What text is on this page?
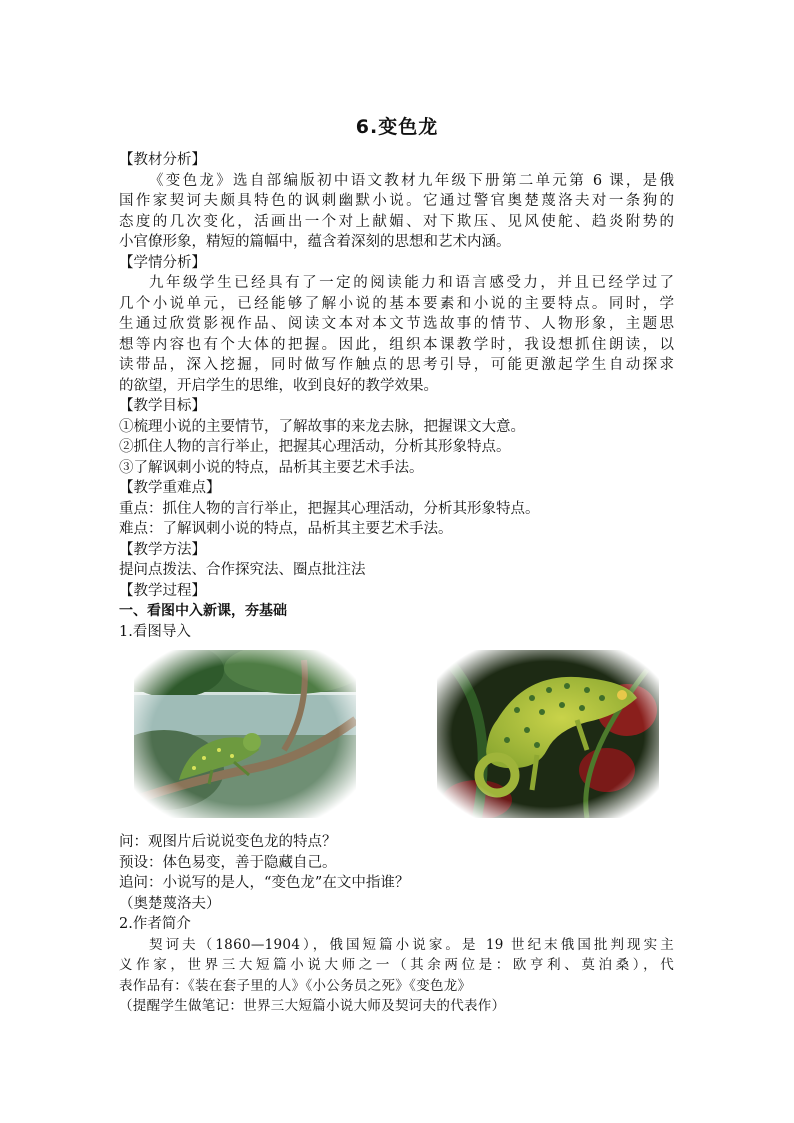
6.变色龙
【教材分析】
《变色龙》选自部编版初中语文教材九年级下册第二单元第 6 课，是俄
国作家契诃夫颇具特色的讽刺幽默小说。它通过警官奥楚蔑洛夫对一条狗的
态度的几次变化，活画出一个对上献媚、对下欺压、见风使舵、趋炎附势的
小官僚形象，精短的篇幅中，蕴含着深刻的思想和艺术内涵。
【学情分析】
九年级学生已经具有了一定的阅读能力和语言感受力，并且已经学过了
几个小说单元，已经能够了解小说的基本要素和小说的主要特点。同时，学
生通过欣赏影视作品、阅读文本对本文节选故事的情节、人物形象，主题思
想等内容也有个大体的把握。因此，组织本课教学时，我设想抓住朗读，以
读带品，深入挖掘，同时做写作触点的思考引导，可能更激起学生自动探求
的欲望，开启学生的思维，收到良好的教学效果。
【教学目标】
①梳理小说的主要情节，了解故事的来龙去脉，把握课文大意。
②抓住人物的言行举止，把握其心理活动，分析其形象特点。
③了解讽刺小说的特点，品析其主要艺术手法。
【教学重难点】
重点：抓住人物的言行举止，把握其心理活动，分析其形象特点。
难点：了解讽刺小说的特点，品析其主要艺术手法。
【教学方法】
提问点拨法、合作探究法、圈点批注法
【教学过程】
一、看图中入新课，夯基础
1.看图导入
问：观图片后说说变色龙的特点？
预设：体色易变，善于隐藏自己。
追问：小说写的是人，“变色龙”在文中指谁？
（奥楚蔑洛夫）
2.作者简介
契诃夫（1860—1904），俄国短篇小说家。是 19 世纪末俄国批判现实主
义作家，世界三大短篇小说大师之一（其余两位是：欧亨利、莫泊桑），代
表作品有：《装在套子里的人》《小公务员之死》《变色龙》
（提醒学生做笔记：世界三大短篇小说大师及契诃夫的代表作）
